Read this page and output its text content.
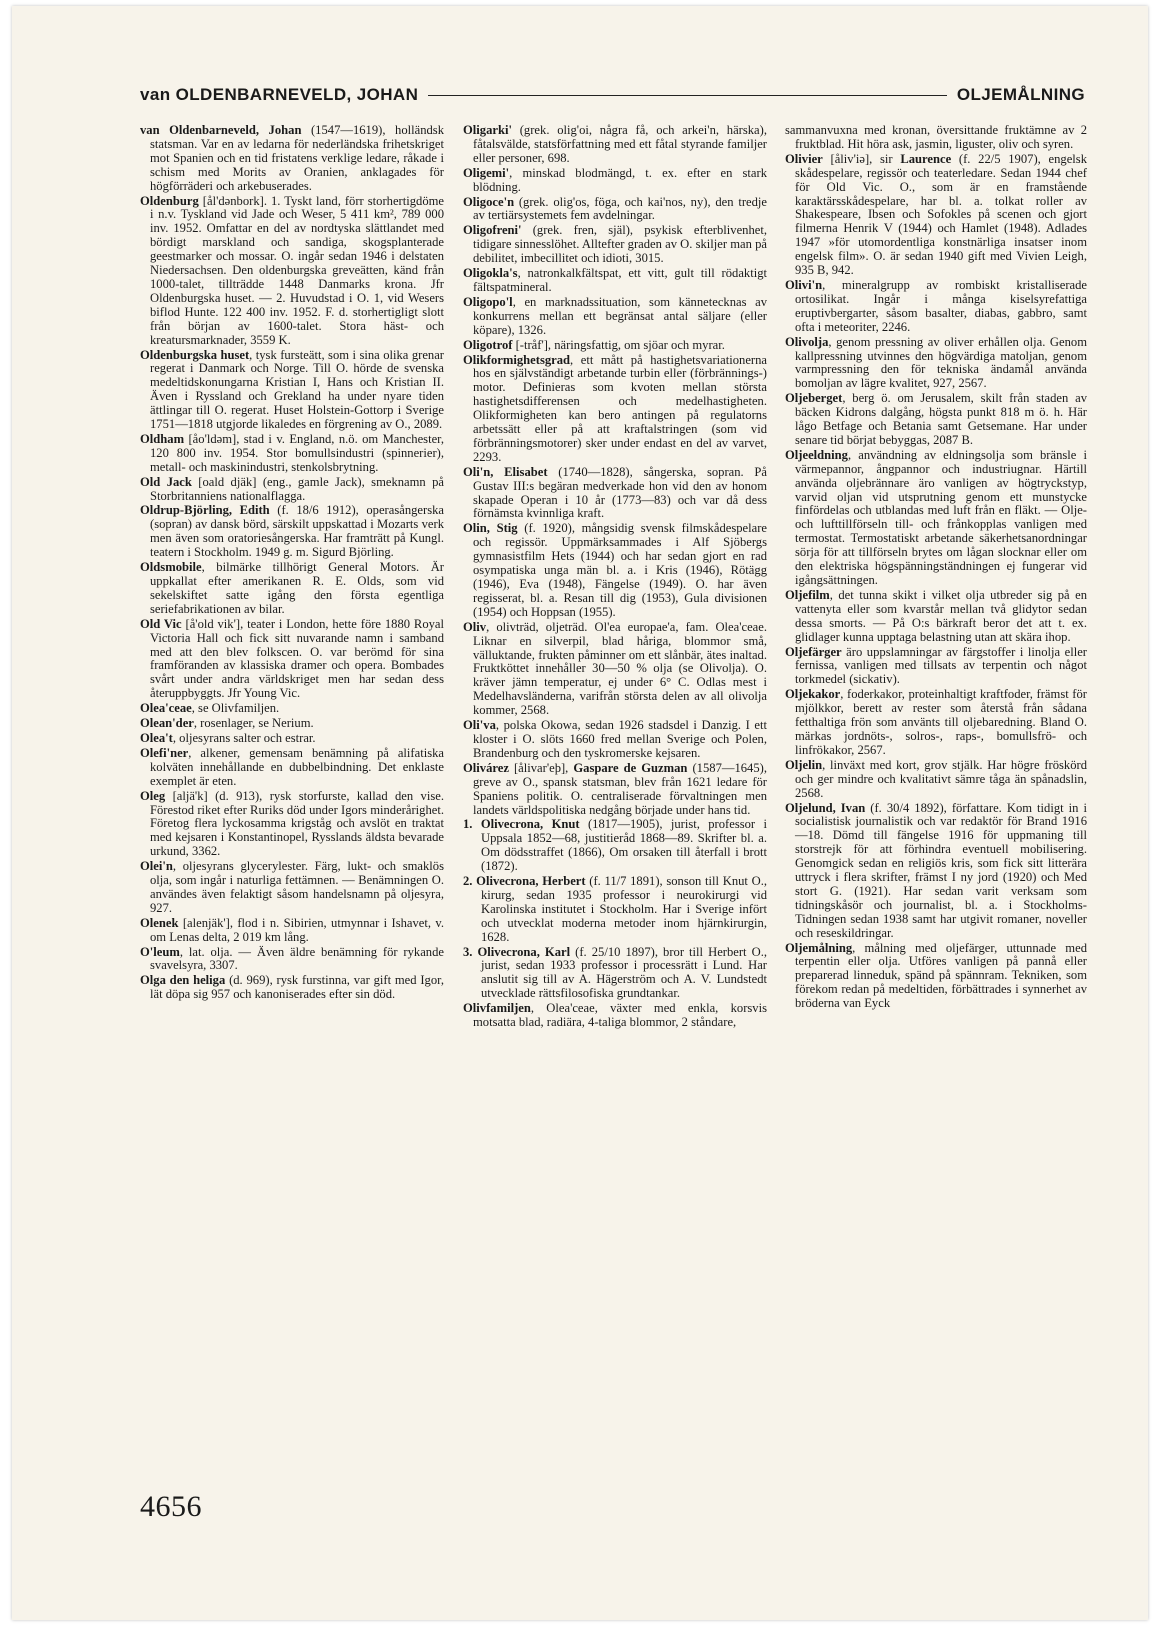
van OLDENBARNEVELD, JOHAN	OLJEMÅLNING

van Oldenbarneveld, Johan (1547—1619), holländsk statsman. Var en av ledarna för nederländska frihetskriget mot Spanien och en tid fristatens verklige ledare, råkade i schism med Morits av Oranien, anklagades för högförräderi och arkebuserades.

Oldenburg [ål'dənbork]. 1. Tyskt land, förr storhertigdöme i n.v. Tyskland vid Jade och Weser, 5 411 km², 789 000 inv. 1952. Omfattar en del av nordtyska slättlandet med bördigt marskland och sandiga, skogsplanterade geestmarker och mossar. O. ingår sedan 1946 i delstaten Niedersachsen. Den oldenburgska greveätten, känd från 1000-talet, tillträdde 1448 Danmarks krona. Jfr Oldenburgska huset. — 2. Huvudstad i O. 1, vid Wesers biflod Hunte. 122 400 inv. 1952. F. d. storhertigligt slott från början av 1600-talet. Stora häst- och kreatursmarknader, 3559 K.

Oldenburgska huset, tysk fursteätt, som i sina olika grenar regerat i Danmark och Norge. Till O. hörde de svenska medeltidskonungarna Kristian I, Hans och Kristian II. Även i Ryssland och Grekland ha under nyare tiden ättlingar till O. regerat. Huset Holstein-Gottorp i Sverige 1751—1818 utgjorde likaledes en förgrening av O., 2089.

Oldham [åo'ldəm], stad i v. England, n.ö. om Manchester, 120 800 inv. 1954. Stor bomullsindustri (spinnerier), metall- och maskinindustri, stenkolsbrytning.

Old Jack [oald djäk] (eng., gamle Jack), smeknamn på Storbritanniens nationalflagga.

Oldrup-Björling, Edith (f. 18/6 1912), operasångerska (sopran) av dansk börd, särskilt uppskattad i Mozarts verk men även som oratoriesångerska. Har framträtt på Kungl. teatern i Stockholm. 1949 g. m. Sigurd Björling.

Oldsmobile, bilmärke tillhörigt General Motors. Är uppkallat efter amerikanen R. E. Olds, som vid sekelskiftet satte igång den första egentliga seriefabrikationen av bilar.

Old Vic [å'old vik'], teater i London, hette före 1880 Royal Victoria Hall och fick sitt nuvarande namn i samband med att den blev folkscen. O. var berömd för sina framföranden av klassiska dramer och opera. Bombades svårt under andra världskriget men har sedan dess återuppbyggts. Jfr Young Vic.

Olea'ceae, se Olivfamiljen.

Olean'der, rosenlager, se Nerium.

Olea't, oljesyrans salter och estrar.

Olefi'ner, alkener, gemensam benämning på alifatiska kolväten innehållande en dubbelbindning. Det enklaste exemplet är eten.

Oleg [aljä'k] (d. 913), rysk storfurste, kallad den vise. Förestod riket efter Ruriks död under Igors minderårighet. Företog flera lyckosamma krigståg och avslöt en traktat med kejsaren i Konstantinopel, Rysslands äldsta bevarade urkund, 3362.

Olei'n, oljesyrans glycerylester. Färg, lukt- och smaklös olja, som ingår i naturliga fettämnen. — Benämningen O. användes även felaktigt såsom handelsnamn på oljesyra, 927.

Olenek [alenjäk'], flod i n. Sibirien, utmynnar i Ishavet, v. om Lenas delta, 2 019 km lång.

O'leum, lat. olja. — Även äldre benämning för rykande svavelsyra, 3307.

Olga den heliga (d. 969), rysk furstinna, var gift med Igor, lät döpa sig 957 och kanoniserades efter sin död.

Oligarki' (grek. olig'oi, några få, och arkei'n, härska), fåtalsvälde, statsförfattning med ett fåtal styrande familjer eller personer, 698.

Oligemi', minskad blodmängd, t. ex. efter en stark blödning.

Oligoce'n (grek. olig'os, föga, och kai'nos, ny), den tredje av tertiärsystemets fem avdelningar.

Oligofreni' (grek. fren, själ), psykisk efterblivenhet, tidigare sinnesslöhet. Alltefter graden av O. skiljer man på debilitet, imbecillitet och idioti, 3015.

Oligokla's, natronkalkfältspat, ett vitt, gult till rödaktigt fältspatmineral.

Oligopo'l, en marknadssituation, som kännetecknas av konkurrens mellan ett begränsat antal säljare (eller köpare), 1326.

Oligotrof [-tråf'], näringsfattig, om sjöar och myrar.

Olikformighetsgrad, ett mått på hastighetsvariationerna hos en självständigt arbetande turbin eller (förbrännings-) motor. Definieras som kvoten mellan största hastighetsdifferensen och medelhastigheten. Olikformigheten kan bero antingen på regulatorns arbetssätt eller på att kraftalstringen (som vid förbränningsmotorer) sker under endast en del av varvet, 2293.

Oli'n, Elisabet (1740—1828), sångerska, sopran. På Gustav III:s begäran medverkade hon vid den av honom skapade Operan i 10 år (1773—83) och var då dess förnämsta kvinnliga kraft.

Olin, Stig (f. 1920), mångsidig svensk filmskådespelare och regissör. Uppmärksammades i Alf Sjöbergs gymnasistfilm Hets (1944) och har sedan gjort en rad osympatiska unga män bl. a. i Kris (1946), Rötägg (1946), Eva (1948), Fängelse (1949). O. har även regisserat, bl. a. Resan till dig (1953), Gula divisionen (1954) och Hoppsan (1955).

Oliv, olivträd, oljeträd. Ol'ea europae'a, fam. Olea'ceae. Liknar en silverpil, blad håriga, blommor små, välluktande, frukten påminner om ett slånbär, ätes inaltad. Fruktköttet innehåller 30—50 % olja (se Olivolja). O. kräver jämn temperatur, ej under 6° C. Odlas mest i Medelhavsländerna, varifrån största delen av all olivolja kommer, 2568.

Oli'va, polska Okowa, sedan 1926 stadsdel i Danzig. I ett kloster i O. slöts 1660 fred mellan Sverige och Polen, Brandenburg och den tyskromerske kejsaren.

Olivárez [ålivar'eþ], Gaspare de Guzman (1587—1645), greve av O., spansk statsman, blev från 1621 ledare för Spaniens politik. O. centraliserade förvaltningen men landets världspolitiska nedgång började under hans tid.

1. Olivecrona, Knut (1817—1905), jurist, professor i Uppsala 1852—68, justitieråd 1868—89. Skrifter bl. a. Om dödsstraffet (1866), Om orsaken till återfall i brott (1872).

2. Olivecrona, Herbert (f. 11/7 1891), sonson till Knut O., kirurg, sedan 1935 professor i neurokirurgi vid Karolinska institutet i Stockholm. Har i Sverige infört och utvecklat moderna metoder inom hjärnkirurgin, 1628.

3. Olivecrona, Karl (f. 25/10 1897), bror till Herbert O., jurist, sedan 1933 professor i processrätt i Lund. Har anslutit sig till av A. Hägerström och A. V. Lundstedt utvecklade rättsfilosofiska grundtankar.

Olivfamiljen, Olea'ceae, växter med enkla, korsvis motsatta blad, radiära, 4-taliga blommor, 2 ståndare,

sammanvuxna med kronan, översittande fruktämne av 2 fruktblad. Hit höra ask, jasmin, liguster, oliv och syren.

Olivier [åliv'iə], sir Laurence (f. 22/5 1907), engelsk skådespelare, regissör och teaterledare. Sedan 1944 chef för Old Vic. O., som är en framstående karaktärsskådespelare, har bl. a. tolkat roller av Shakespeare, Ibsen och Sofokles på scenen och gjort filmerna Henrik V (1944) och Hamlet (1948). Adlades 1947 »för utomordentliga konstnärliga insatser inom engelsk film». O. är sedan 1940 gift med Vivien Leigh, 935 B, 942.

Olivi'n, mineralgrupp av rombiskt kristalliserade ortosilikat. Ingår i många kiselsyrefattiga eruptivbergarter, såsom basalter, diabas, gabbro, samt ofta i meteoriter, 2246.

Olivolja, genom pressning av oliver erhållen olja. Genom kallpressning utvinnes den högvärdiga matoljan, genom varmpressning den för tekniska ändamål använda bomoljan av lägre kvalitet, 927, 2567.

Oljeberget, berg ö. om Jerusalem, skilt från staden av bäcken Kidrons dalgång, högsta punkt 818 m ö. h. Här lågo Betfage och Betania samt Getsemane. Har under senare tid börjat bebyggas, 2087 B.

Oljeeldning, användning av eldningsolja som bränsle i värmepannor, ångpannor och industriugnar. Härtill använda oljebrännare äro vanligen av högtryckstyp, varvid oljan vid utsprutning genom ett munstycke finfördelas och utblandas med luft från en fläkt. — Olje- och lufttillförseln till- och frånkopplas vanligen med termostat. Termostatiskt arbetande säkerhetsanordningar sörja för att tillförseln brytes om lågan slocknar eller om den elektriska högspänningständningen ej fungerar vid igångsättningen.

Oljefilm, det tunna skikt i vilket olja utbreder sig på en vattenyta eller som kvarstår mellan två glidytor sedan dessa smorts. — På O:s bärkraft beror det att t. ex. glidlager kunna upptaga belastning utan att skära ihop.

Oljefärger äro uppslamningar av färgstoffer i linolja eller fernissa, vanligen med tillsats av terpentin och något torkmedel (sickativ).

Oljekakor, foderkakor, proteinhaltigt kraftfoder, främst för mjölkkor, berett av rester som återstå från sådana fetthaltiga frön som använts till oljebaredning. Bland O. märkas jordnöts-, solros-, raps-, bomullsfrö- och linfrökakor, 2567.

Oljelin, linväxt med kort, grov stjälk. Har högre fröskörd och ger mindre och kvalitativt sämre tåga än spånadslin, 2568.

Oljelund, Ivan (f. 30/4 1892), författare. Kom tidigt in i socialistisk journalistik och var redaktör för Brand 1916—18. Dömd till fängelse 1916 för uppmaning till storstrejk för att förhindra eventuell mobilisering. Genomgick sedan en religiös kris, som fick sitt litterära uttryck i flera skrifter, främst I ny jord (1920) och Med stort G. (1921). Har sedan varit verksam som tidningskåsör och journalist, bl. a. i Stockholms-Tidningen sedan 1938 samt har utgivit romaner, noveller och reseskildringar.

Oljemålning, målning med oljefärger, uttunnade med terpentin eller olja. Utföres vanligen på pannå eller preparerad linneduk, spänd på spännram. Tekniken, som förekom redan på medeltiden, förbättrades i synnerhet av bröderna van Eyck

4656
